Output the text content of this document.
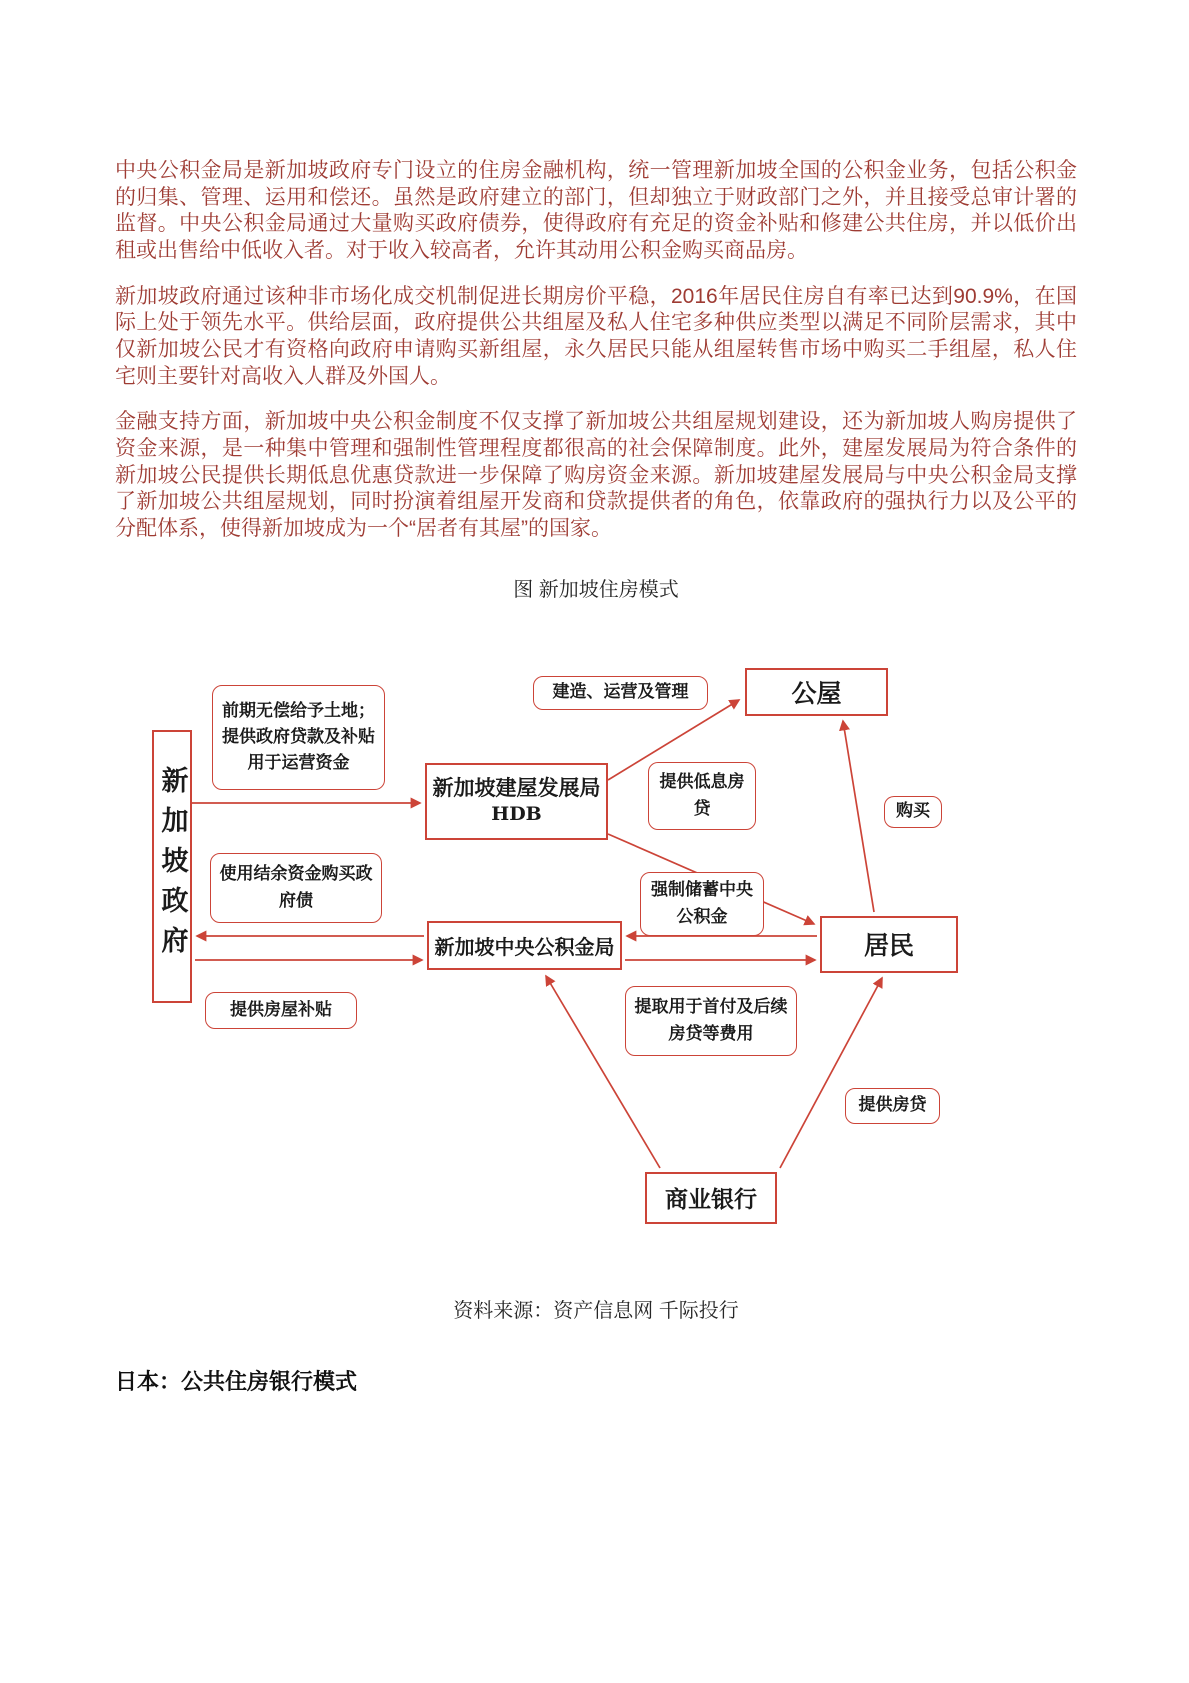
中央公积金局是新加坡政府专门设立的住房金融机构，统一管理新加坡全国的公积金业务，包括公积金的归集、管理、运用和偿还。虽然是政府建立的部门，但却独立于财政部门之外，并且接受总审计署的监督。中央公积金局通过大量购买政府债券，使得政府有充足的资金补贴和修建公共住房，并以低价出租或出售给中低收入者。对于收入较高者，允许其动用公积金购买商品房。

新加坡政府通过该种非市场化成交机制促进长期房价平稳，2016年居民住房自有率已达到90.9%，在国际上处于领先水平。供给层面，政府提供公共组屋及私人住宅多种供应类型以满足不同阶层需求，其中仅新加坡公民才有资格向政府申请购买新组屋，永久居民只能从组屋转售市场中购买二手组屋，私人住宅则主要针对高收入人群及外国人。

金融支持方面，新加坡中央公积金制度不仅支撑了新加坡公共组屋规划建设，还为新加坡人购房提供了资金来源，是一种集中管理和强制性管理程度都很高的社会保障制度。此外，建屋发展局为符合条件的新加坡公民提供长期低息优惠贷款进一步保障了购房资金来源。新加坡建屋发展局与中央公积金局支撑了新加坡公共组屋规划，同时扮演着组屋开发商和贷款提供者的角色，依靠政府的强执行力以及公平的分配体系，使得新加坡成为一个“居者有其屋”的国家。

图 新加坡住房模式
新加坡政府	新加坡建屋发展局
HDB
新加坡中央公积金局
公屋
居民
商业银行
前期无偿给予土地；提供政府贷款及补贴用于运营资金
建造、运营及管理
提供低息房贷	购买
使用结余资金购买政府债
强制储蓄中央公积金
提供房屋补贴	提取用于首付及后续房贷等费用
提供房贷
资料来源：资产信息网 千际投行
日本：公共住房银行模式
